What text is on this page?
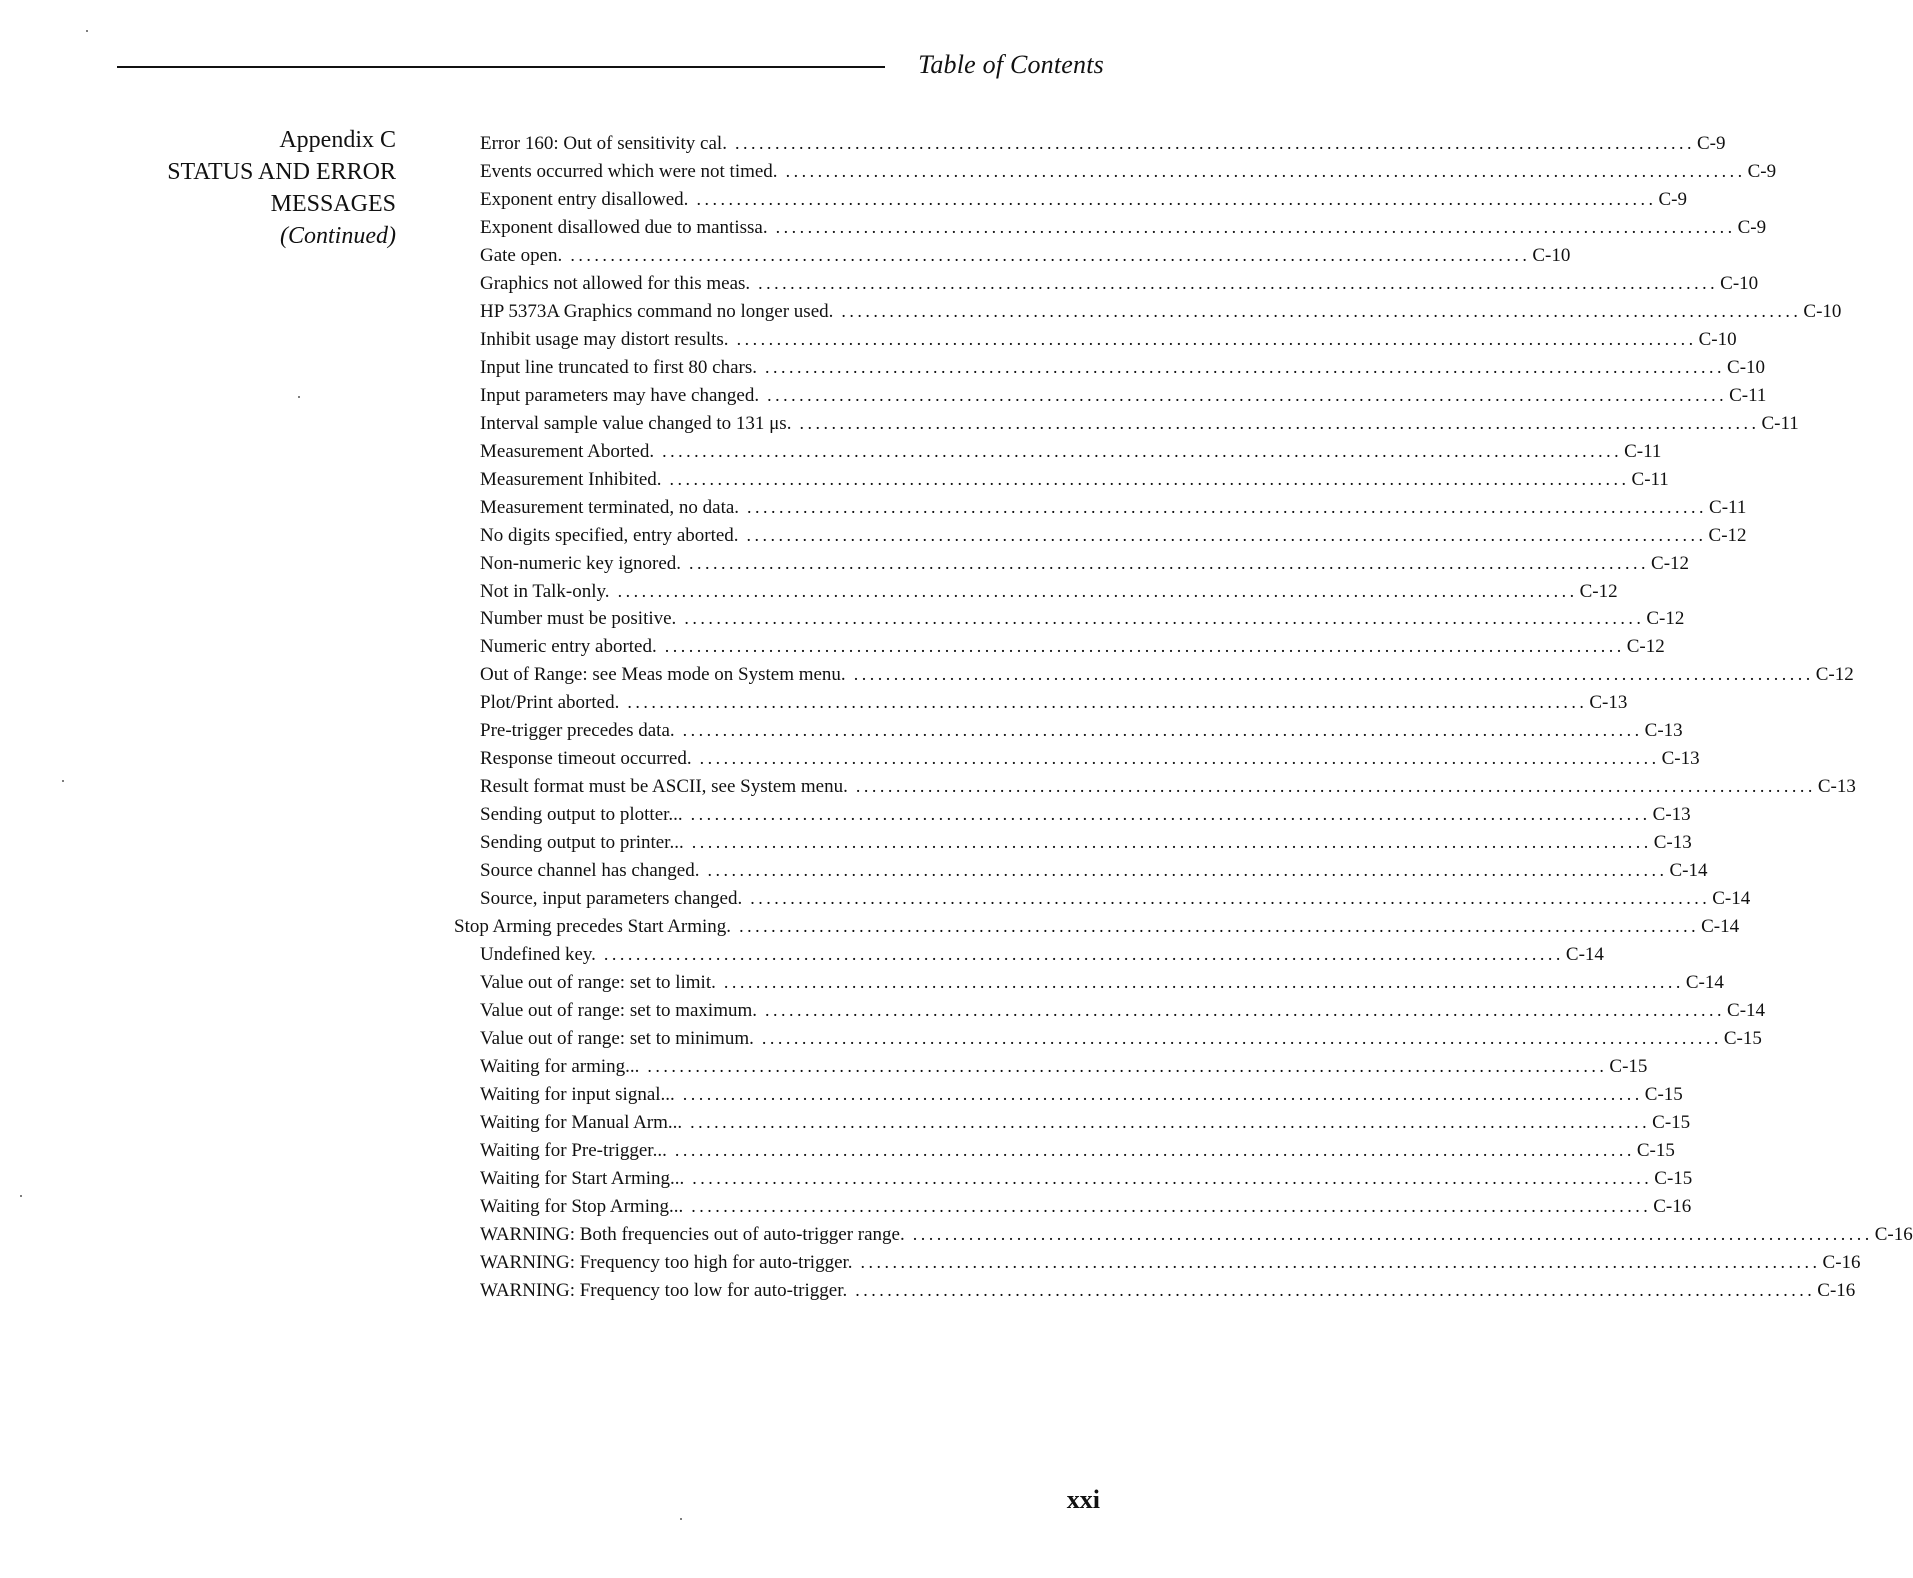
Table of Contents
Appendix C
STATUS AND ERROR
MESSAGES
(Continued)
Error 160: Out of sensitivity cal. ........................................................................................................................ C-9
Events occurred which were not timed. ........................................................................................................................ C-9
Exponent entry disallowed. ........................................................................................................................ C-9
Exponent disallowed due to mantissa. ........................................................................................................................ C-9
Gate open. ........................................................................................................................ C-10
Graphics not allowed for this meas. ........................................................................................................................ C-10
HP 5373A Graphics command no longer used. ........................................................................................................................ C-10
Inhibit usage may distort results. ........................................................................................................................ C-10
Input line truncated to first 80 chars. ........................................................................................................................ C-10
Input parameters may have changed. ........................................................................................................................ C-11
Interval sample value changed to 131 μs. ........................................................................................................................ C-11
Measurement Aborted. ........................................................................................................................ C-11
Measurement Inhibited. ........................................................................................................................ C-11
Measurement terminated, no data. ........................................................................................................................ C-11
No digits specified, entry aborted. ........................................................................................................................ C-12
Non-numeric key ignored. ........................................................................................................................ C-12
Not in Talk-only. ........................................................................................................................ C-12
Number must be positive. ........................................................................................................................ C-12
Numeric entry aborted. ........................................................................................................................ C-12
Out of Range: see Meas mode on System menu. ........................................................................................................................ C-12
Plot/Print aborted. ........................................................................................................................ C-13
Pre-trigger precedes data. ........................................................................................................................ C-13
Response timeout occurred. ........................................................................................................................ C-13
Result format must be ASCII, see System menu. ........................................................................................................................ C-13
Sending output to plotter... ........................................................................................................................ C-13
Sending output to printer... ........................................................................................................................ C-13
Source channel has changed. ........................................................................................................................ C-14
Source, input parameters changed. ........................................................................................................................ C-14
Stop Arming precedes Start Arming. ........................................................................................................................ C-14
Undefined key. ........................................................................................................................ C-14
Value out of range: set to limit. ........................................................................................................................ C-14
Value out of range: set to maximum. ........................................................................................................................ C-14
Value out of range: set to minimum. ........................................................................................................................ C-15
Waiting for arming... ........................................................................................................................ C-15
Waiting for input signal... ........................................................................................................................ C-15
Waiting for Manual Arm... ........................................................................................................................ C-15
Waiting for Pre-trigger... ........................................................................................................................ C-15
Waiting for Start Arming... ........................................................................................................................ C-15
Waiting for Stop Arming... ........................................................................................................................ C-16
WARNING: Both frequencies out of auto-trigger range. ........................................................................................................................ C-16
WARNING: Frequency too high for auto-trigger. ........................................................................................................................ C-16
WARNING: Frequency too low for auto-trigger. ........................................................................................................................ C-16
xxi
